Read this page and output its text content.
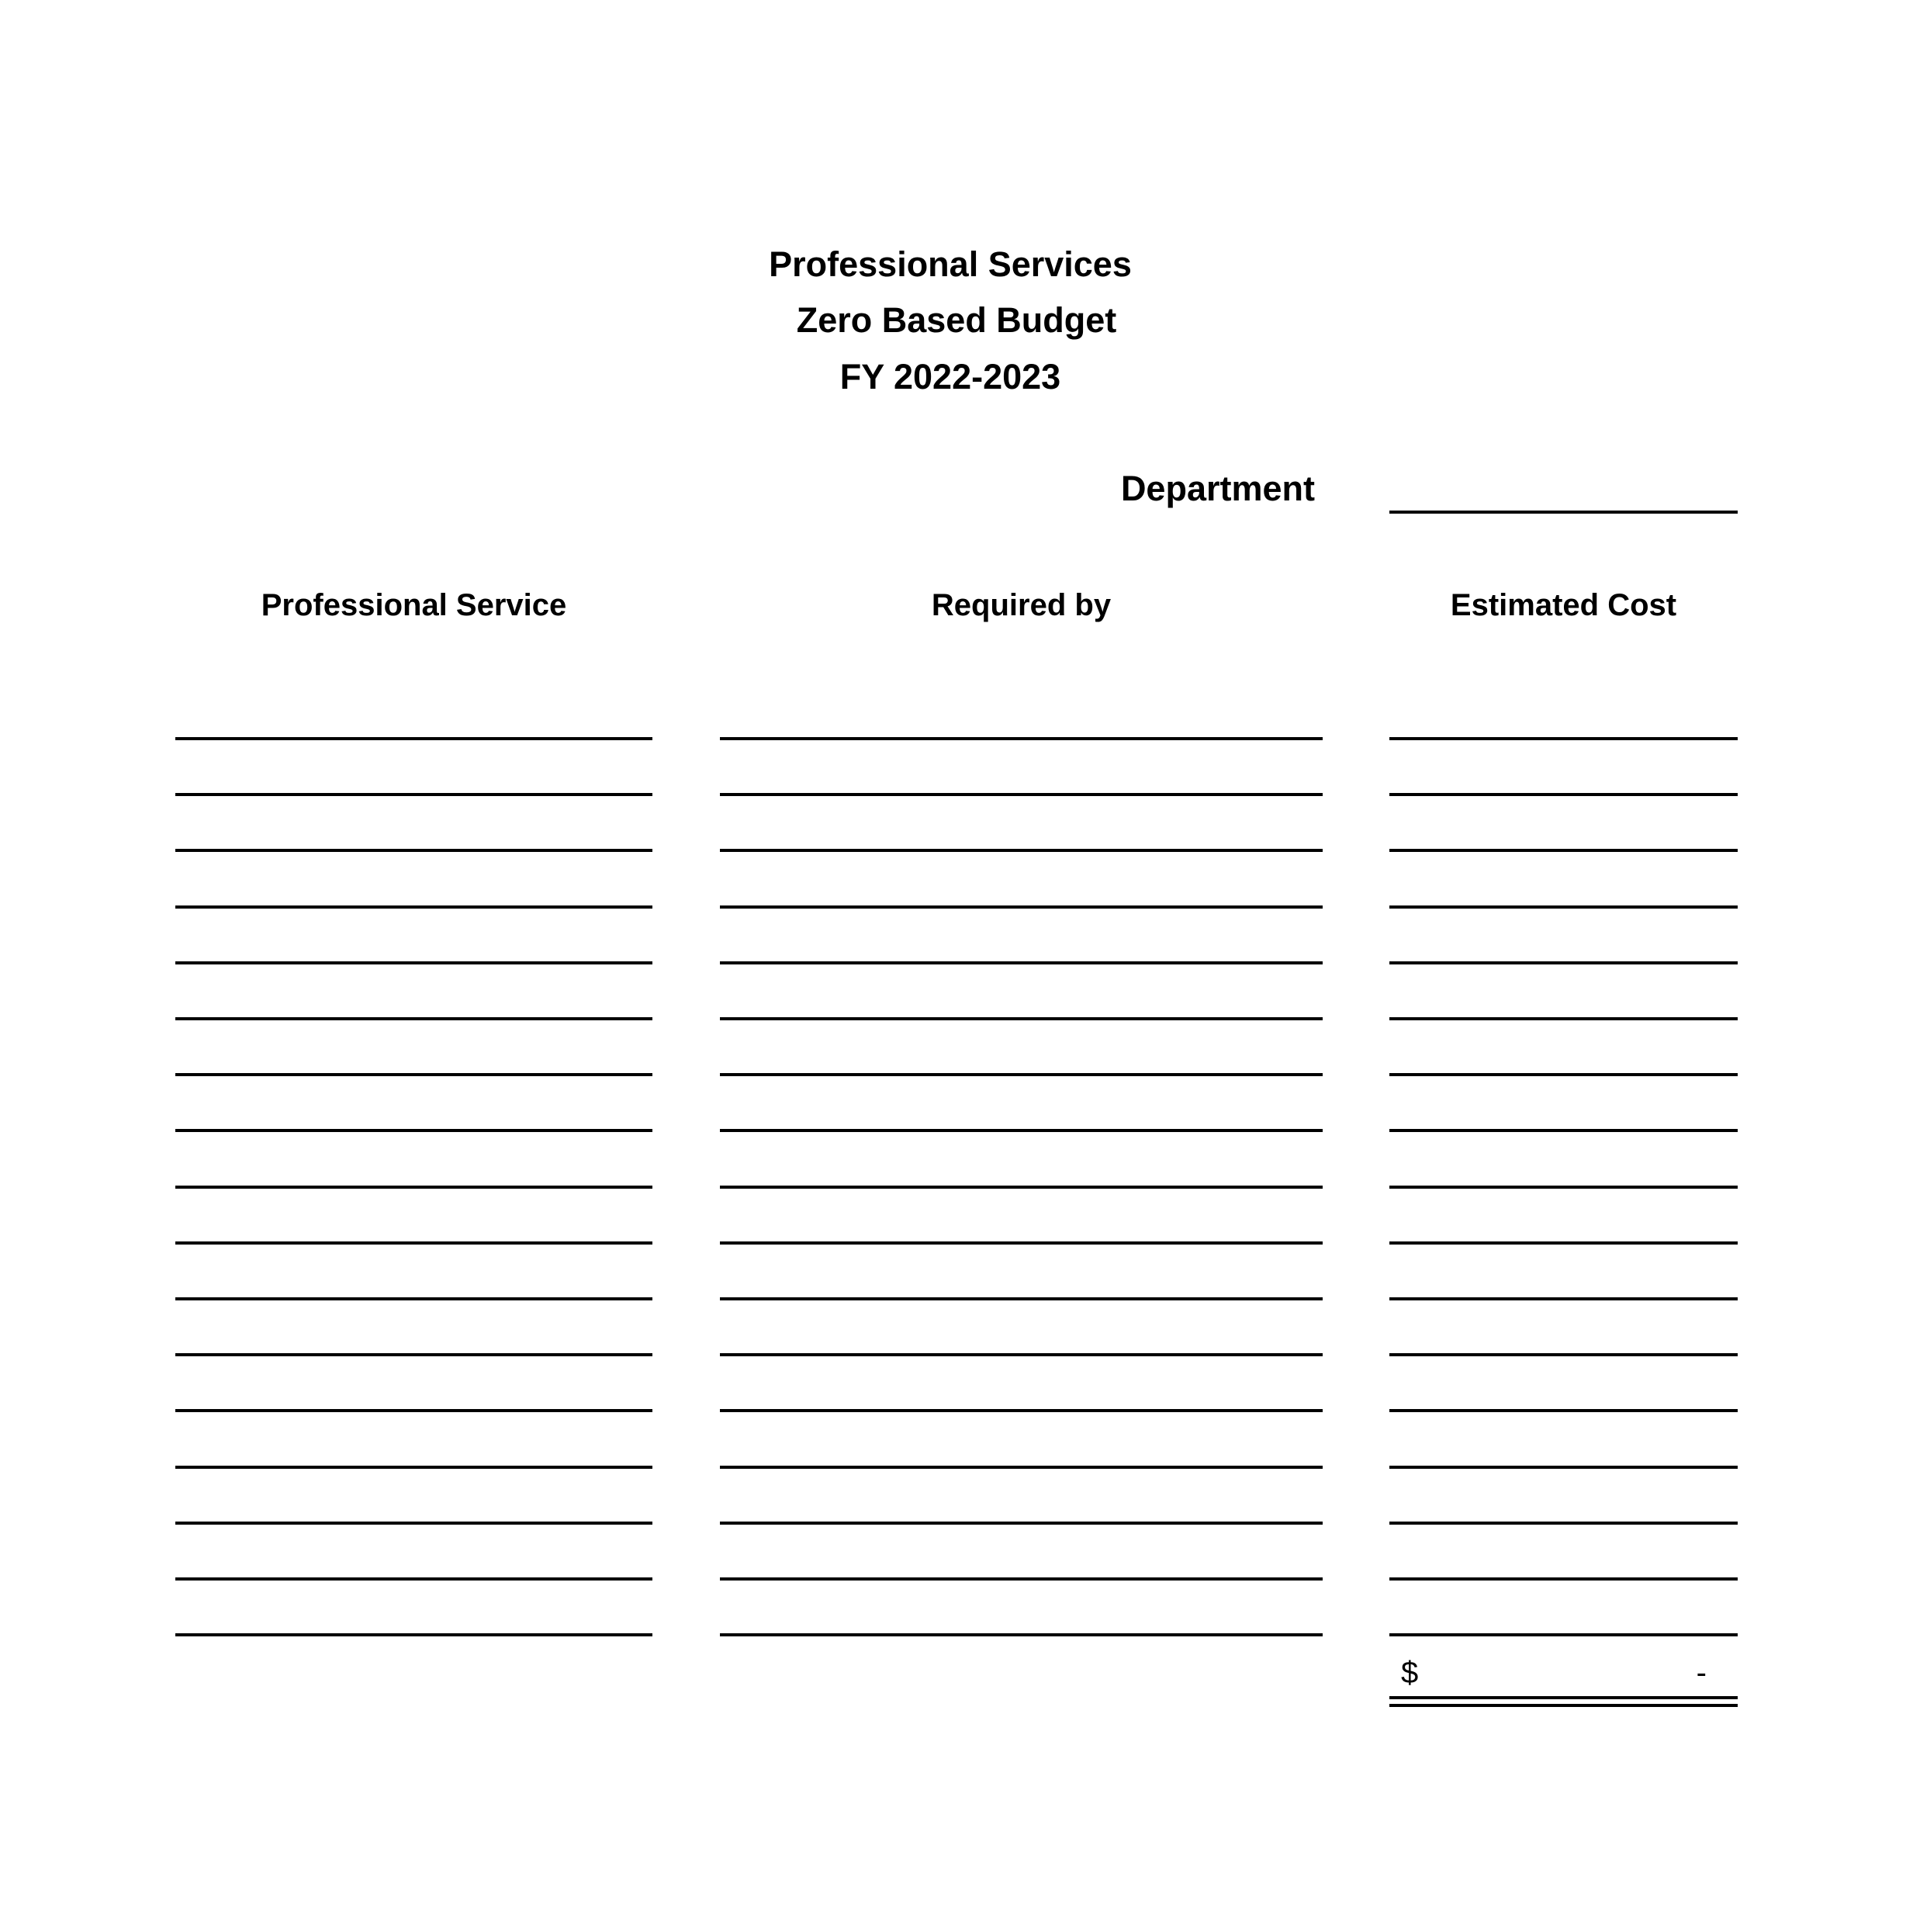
Professional Services
Zero Based Budget
FY 2022-2023
Department
Professional Service	Required by	Estimated Cost
$	-
